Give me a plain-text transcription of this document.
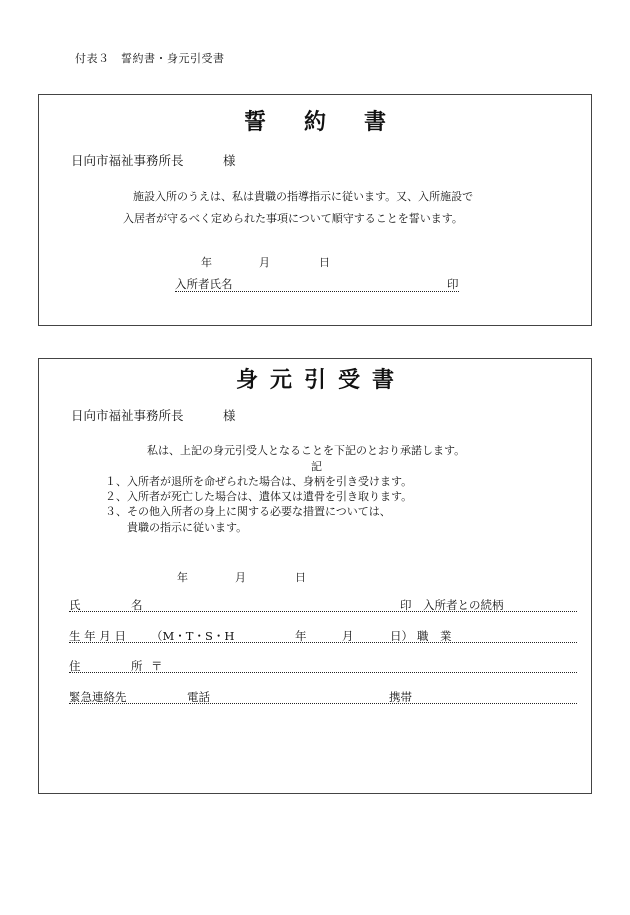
付表３　誓約書・身元引受書
誓約書
日向市福祉事務所長	様
施設入所のうえは、私は貴職の指導指示に従います。又、入所施設で
入居者が守るべく定められた事項について順守することを誓います。
年	月	日
入所者氏名	印
身元引受書
日向市福祉事務所長	様
私は、上記の身元引受人となることを下記のとおり承諾します。
記
１、入所者が退所を命ぜられた場合は、身柄を引き受けます。
２、入所者が死亡した場合は、遺体又は遺骨を引き取ります。
３、その他入所者の身上に関する必要な措置については、
貴職の指示に従います。
年	月	日
氏	名	印 入所者との続柄
生 年 月 日 （M・T・S・H	年	月	日） 職　業
住	所 〒
緊急連絡先	電話	携帯
